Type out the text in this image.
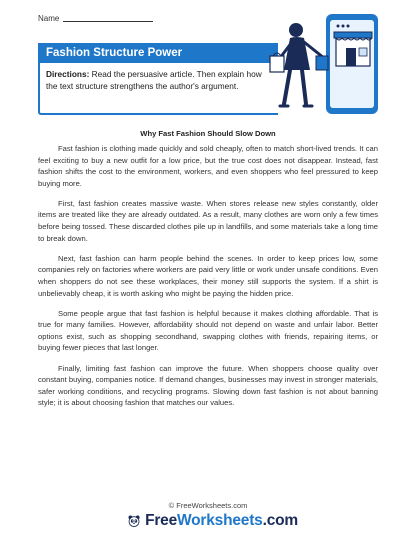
Name
Fashion Structure Power
Directions: Read the persuasive article. Then explain how the text structure strengthens the author's argument.
Why Fast Fashion Should Slow Down

Fast fashion is clothing made quickly and sold cheaply, often to match short-lived trends. It can feel exciting to buy a new outfit for a low price, but the true cost does not disappear. Instead, fast fashion shifts the cost to the environment, workers, and even shoppers who feel pressured to keep buying more.

First, fast fashion creates massive waste. When stores release new styles constantly, older items are treated like they are already outdated. As a result, many clothes are worn only a few times before being tossed. These discarded clothes pile up in landfills, and some materials take a long time to break down.

Next, fast fashion can harm people behind the scenes. In order to keep prices low, some companies rely on factories where workers are paid very little or work under unsafe conditions. Even when shoppers do not see these workplaces, their money still supports the system. If a shirt is unbelievably cheap, it is worth asking who might be paying the hidden price.

Some people argue that fast fashion is helpful because it makes clothing affordable. That is true for many families. However, affordability should not depend on waste and unfair labor. Better options exist, such as shopping secondhand, swapping clothes with friends, repairing items, or buying fewer pieces that last longer.

Finally, limiting fast fashion can improve the future. When shoppers choose quality over constant buying, companies notice. If demand changes, businesses may invest in stronger materials, safer working conditions, and recycling programs. Slowing down fast fashion is not about banning style; it is about choosing fashion that matches our values.

© FreeWorksheets.com
FreeWorksheets.com
